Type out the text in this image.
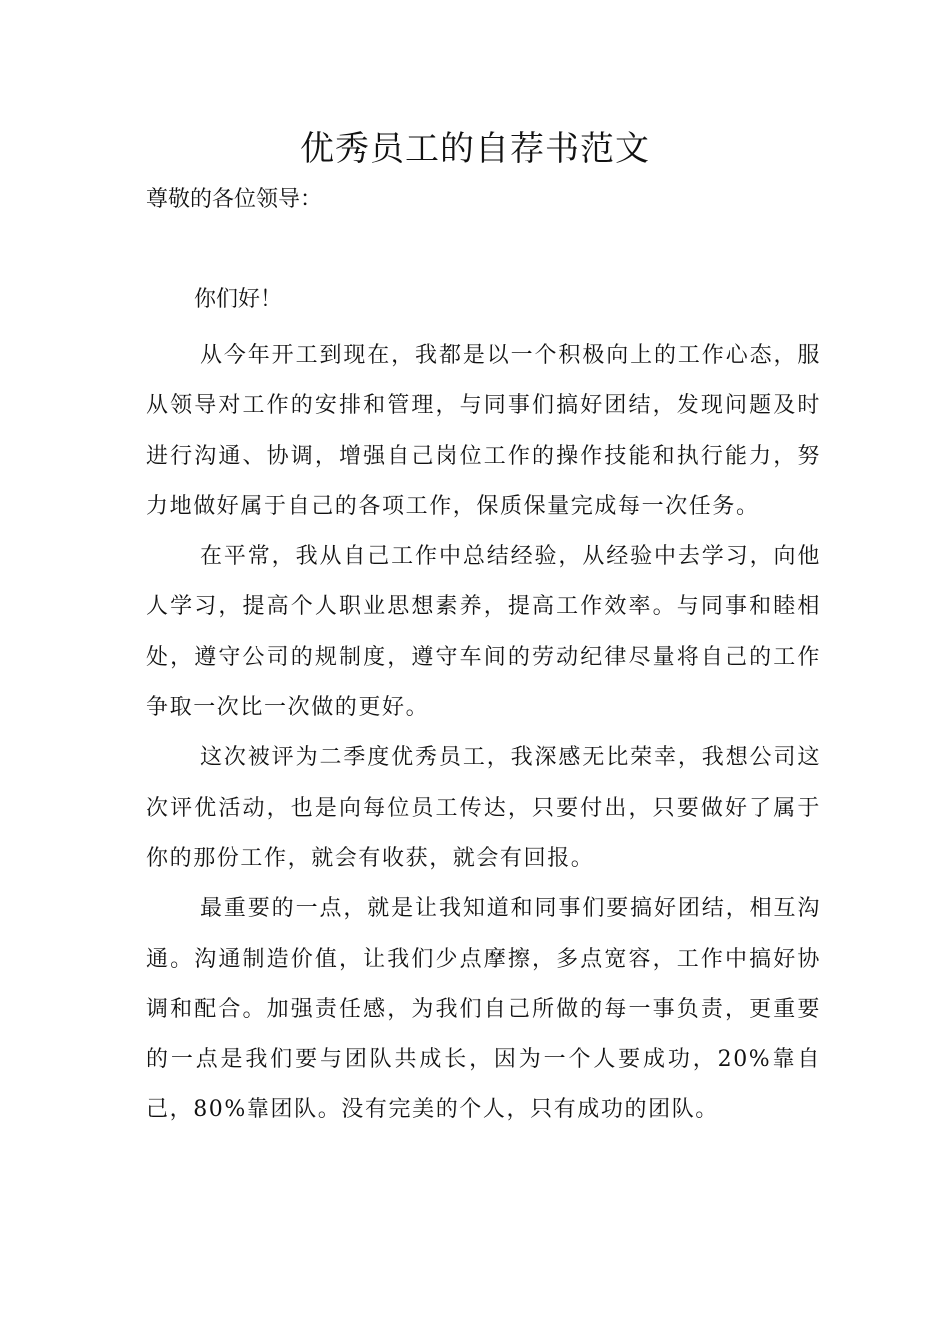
优秀员工的自荐书范文

尊敬的各位领导：

你们好！

从今年开工到现在，我都是以一个积极向上的工作心态，服从领导对工作的安排和管理，与同事们搞好团结，发现问题及时进行沟通、协调，增强自己岗位工作的操作技能和执行能力，努力地做好属于自己的各项工作，保质保量完成每一次任务。

在平常，我从自己工作中总结经验，从经验中去学习，向他人学习，提高个人职业思想素养，提高工作效率。与同事和睦相处，遵守公司的规制度，遵守车间的劳动纪律尽量将自己的工作争取一次比一次做的更好。

这次被评为二季度优秀员工，我深感无比荣幸，我想公司这次评优活动，也是向每位员工传达，只要付出，只要做好了属于你的那份工作，就会有收获，就会有回报。

最重要的一点，就是让我知道和同事们要搞好团结，相互沟通。沟通制造价值，让我们少点摩擦，多点宽容，工作中搞好协调和配合。加强责任感，为我们自己所做的每一事负责，更重要的一点是我们要与团队共成长，因为一个人要成功，20%靠自己，80%靠团队。没有完美的个人，只有成功的团队。
